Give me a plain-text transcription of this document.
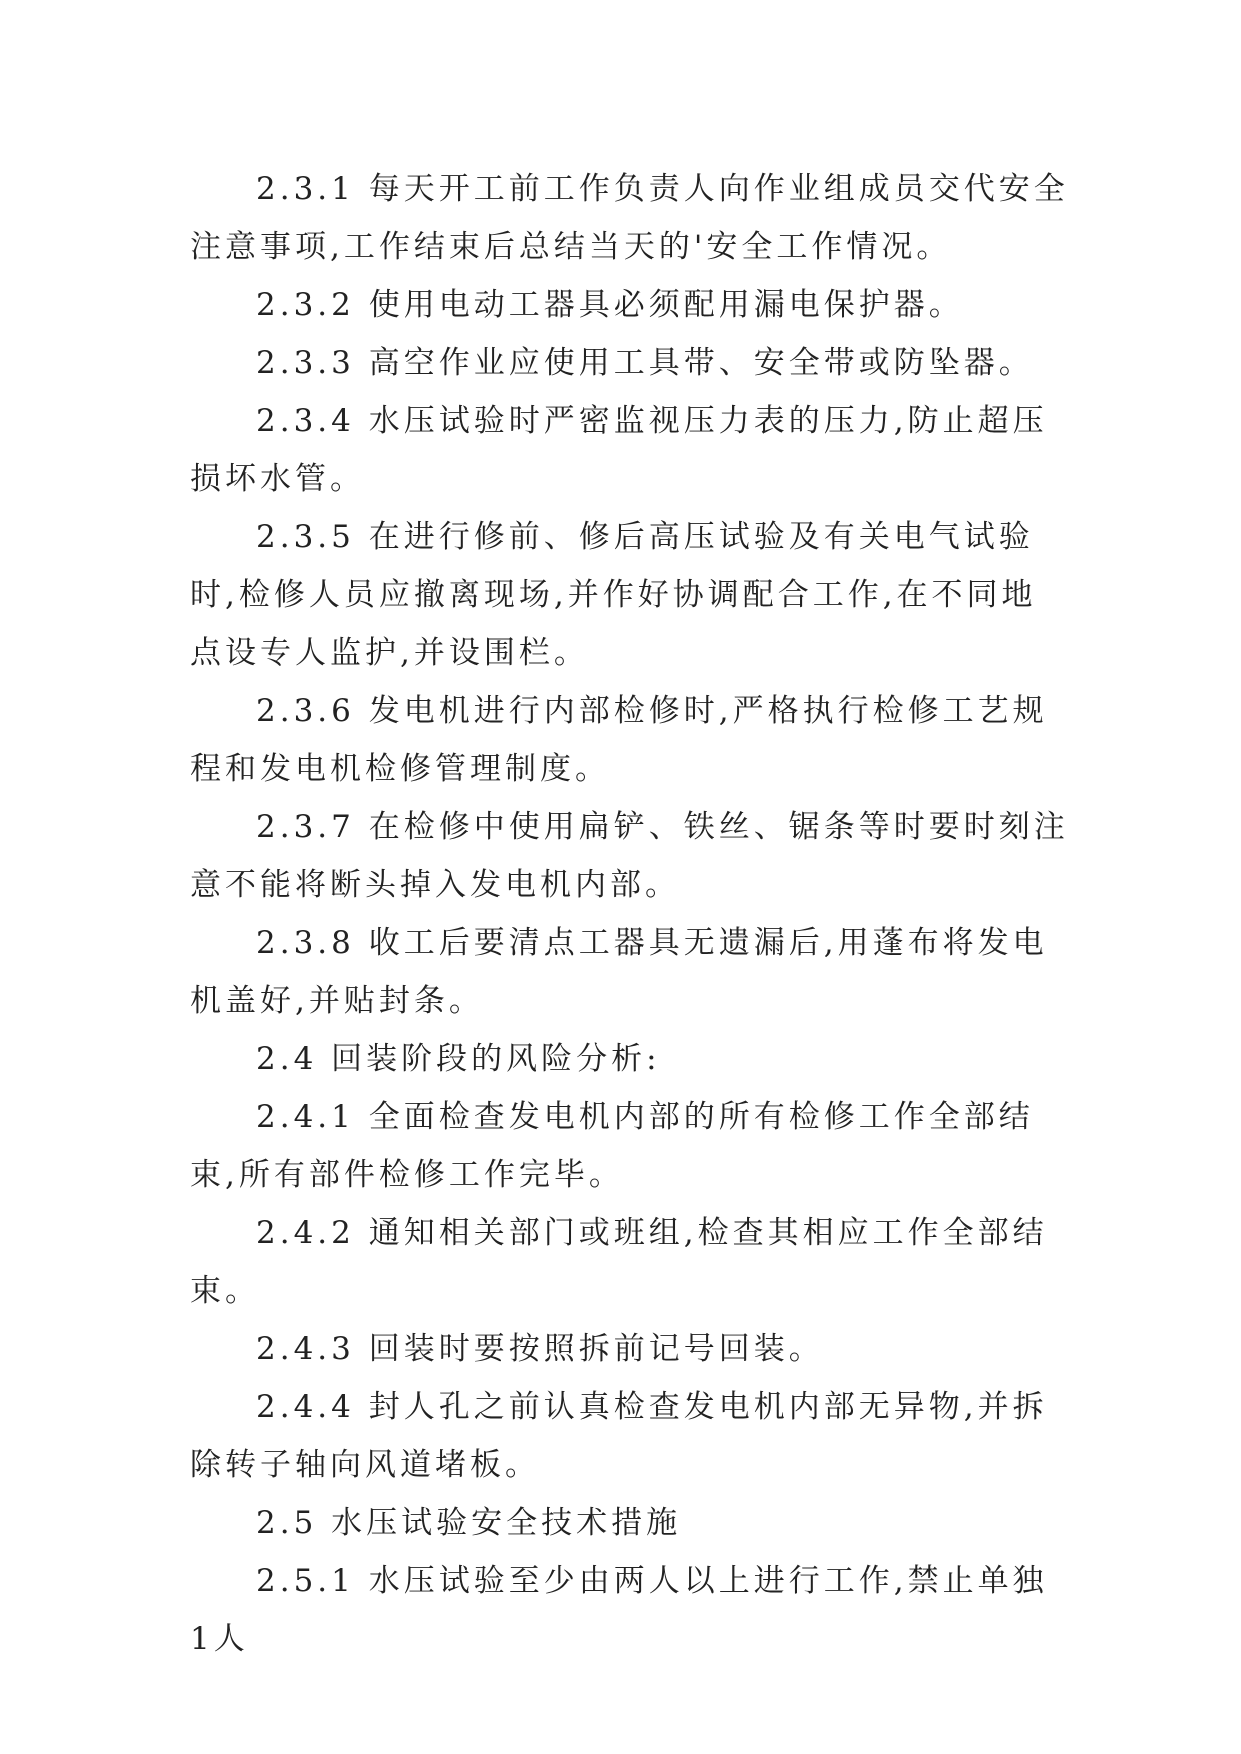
2.3.1 每天开工前工作负责人向作业组成员交代安全注意事项,工作结束后总结当天的'安全工作情况。

2.3.2 使用电动工器具必须配用漏电保护器。

2.3.3 高空作业应使用工具带、安全带或防坠器。

2.3.4 水压试验时严密监视压力表的压力,防止超压损坏水管。

2.3.5 在进行修前、修后高压试验及有关电气试验时,检修人员应撤离现场,并作好协调配合工作,在不同地点设专人监护,并设围栏。

2.3.6 发电机进行内部检修时,严格执行检修工艺规程和发电机检修管理制度。

2.3.7 在检修中使用扁铲、铁丝、锯条等时要时刻注意不能将断头掉入发电机内部。

2.3.8 收工后要清点工器具无遗漏后,用蓬布将发电机盖好,并贴封条。

2.4 回装阶段的风险分析:

2.4.1 全面检查发电机内部的所有检修工作全部结束,所有部件检修工作完毕。

2.4.2 通知相关部门或班组,检查其相应工作全部结束。

2.4.3 回装时要按照拆前记号回装。

2.4.4 封人孔之前认真检查发电机内部无异物,并拆除转子轴向风道堵板。

2.5 水压试验安全技术措施

2.5.1 水压试验至少由两人以上进行工作,禁止单独1人
